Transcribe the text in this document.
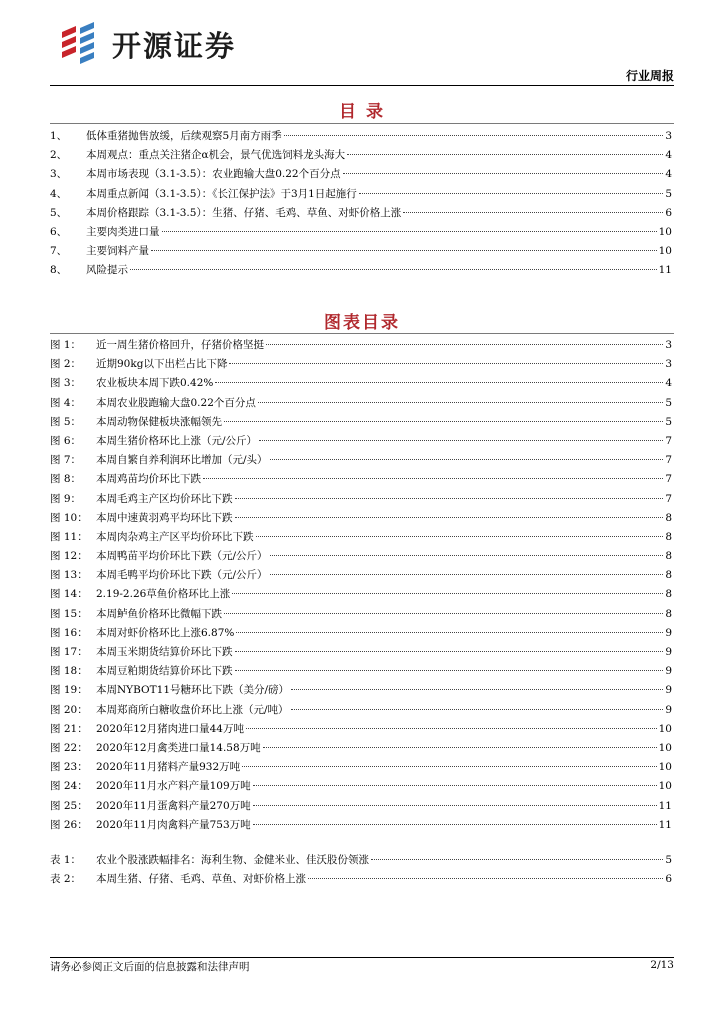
开源证券
行业周报
目 录
1、	低体重猪抛售放缓，后续观察5月南方雨季	3
2、	本周观点：重点关注猪企α机会，景气优选饲料龙头海大	4
3、	本周市场表现（3.1-3.5）：农业跑输大盘0.22个百分点	4
4、	本周重点新闻（3.1-3.5）：《长江保护法》于3月1日起施行	5
5、	本周价格跟踪（3.1-3.5）：生猪、仔猪、毛鸡、草鱼、对虾价格上涨	6
6、	主要肉类进口量	10
7、	主要饲料产量	10
8、	风险提示	11
图表目录
图 1：	近一周生猪价格回升，仔猪价格坚挺	3
图 2：	近期90kg以下出栏占比下降	3
图 3：	农业板块本周下跌0.42%	4
图 4：	本周农业股跑输大盘0.22个百分点	5
图 5：	本周动物保健板块涨幅领先	5
图 6：	本周生猪价格环比上涨（元/公斤）	7
图 7：	本周自繁自养利润环比增加（元/头）	7
图 8：	本周鸡苗均价环比下跌	7
图 9：	本周毛鸡主产区均价环比下跌	7
图 10： 本周中速黄羽鸡平均环比下跌	8
图 11： 本周肉杂鸡主产区平均价环比下跌	8
图 12： 本周鸭苗平均价环比下跌（元/公斤）	8
图 13： 本周毛鸭平均价环比下跌（元/公斤）	8
图 14： 2.19-2.26草鱼价格环比上涨	8
图 15： 本周鲈鱼价格环比微幅下跌	8
图 16： 本周对虾价格环比上涨6.87%	9
图 17： 本周玉米期货结算价环比下跌	9
图 18： 本周豆粕期货结算价环比下跌	9
图 19： 本周NYBOT11号糖环比下跌（美分/磅）	9
图 20： 本周郑商所白糖收盘价环比上涨（元/吨）	9
图 21： 2020年12月猪肉进口量44万吨	10
图 22： 2020年12月禽类进口量14.58万吨	10
图 23： 2020年11月猪料产量932万吨	10
图 24： 2020年11月水产料产量109万吨	10
图 25： 2020年11月蛋禽料产量270万吨	11
图 26： 2020年11月肉禽料产量753万吨	11
表 1：	农业个股涨跌幅排名：海利生物、金健米业、佳沃股份领涨	5
表 2：	本周生猪、仔猪、毛鸡、草鱼、对虾价格上涨	6
请务必参阅正文后面的信息披露和法律声明	2/13
